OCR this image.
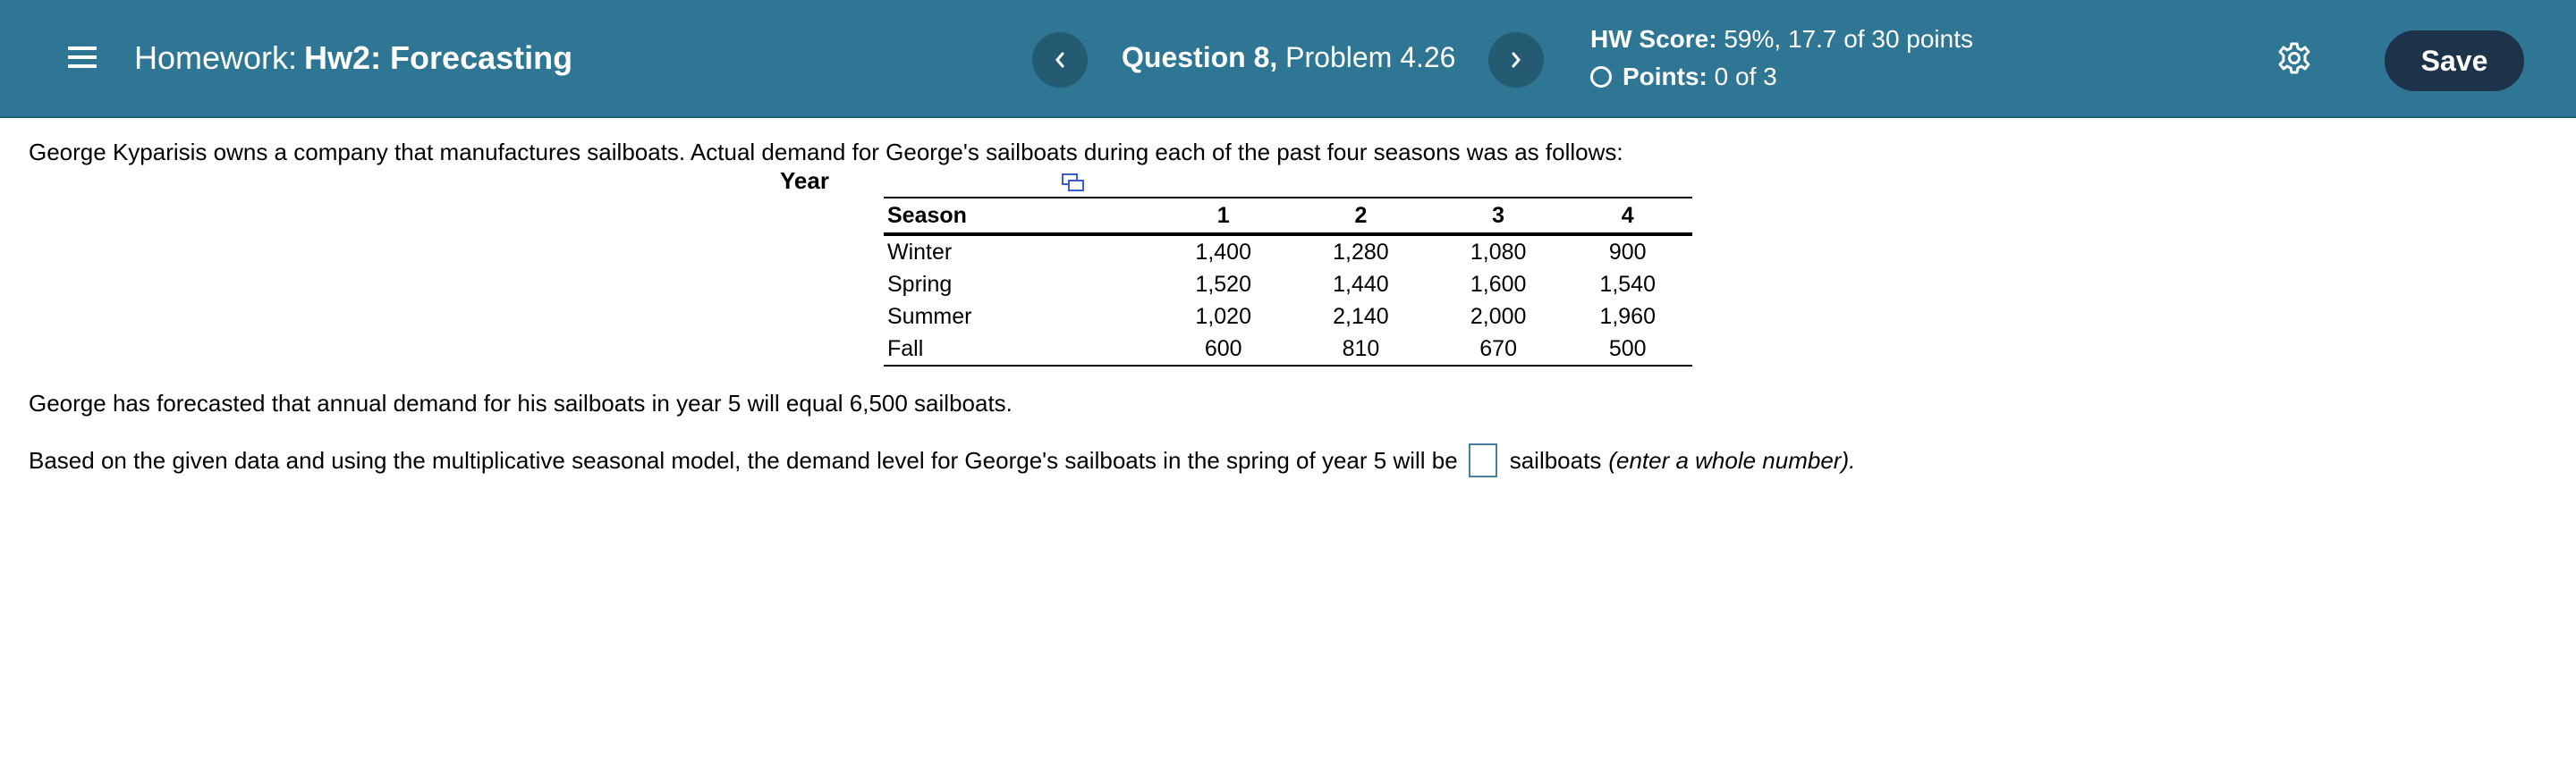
Homework: Hw2: Forecasting	Question 8, Problem 4.26
HW Score: 59%, 17.7 of 30 points
Points:
0 of 3	Save
George Kyparisis owns a company that manufactures sailboats. Actual demand for George's sailboats during each of the past four seasons was as follows:
Year
Season	1	2	3	4
Winter	1,400	1,280	1,080	900
Spring	1,520	1,440	1,600	1,540
Summer	1,020	2,140	2,000	1,960
Fall	600	810	670	500
George has forecasted that annual demand for his sailboats in year 5 will equal 6,500 sailboats.
Based on the given data and using the multiplicative seasonal model, the demand level for George's sailboats in the spring of year 5 will be sailboats (enter a whole number).
